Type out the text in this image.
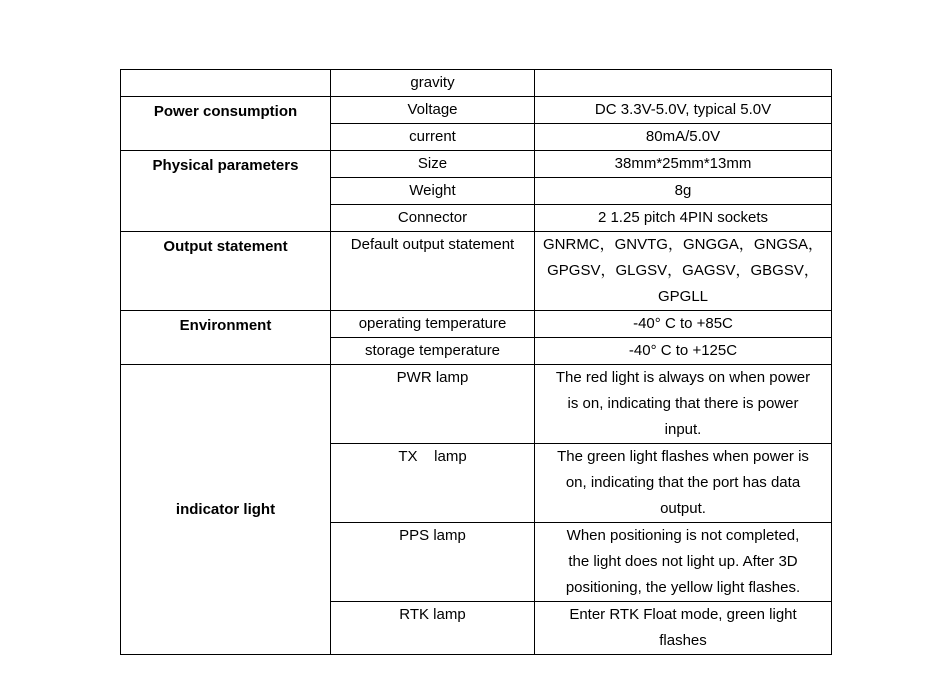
	gravity	
Power consumption	Voltage	DC 3.3V-5.0V, typical 5.0V
	current	80mA/5.0V
Physical parameters	Size	38mm*25mm*13mm
	Weight	8g
	Connector	2 1.25 pitch 4PIN sockets
Output statement	Default output statement	GNRMC，GNVTG，GNGGA，GNGSA，
GPGSV，GLGSV，GAGSV，GBGSV，GPGLL

Environment	operating temperature	-40° C to +85C
	storage temperature	-40° C to +125C
indicator light	PWR lamp	The red light is always on when power
is on, indicating that there is power
input.

	TX    lamp	The green light flashes when power is
on, indicating that the port has data
output.

	PPS lamp	When positioning is not completed,
the light does not light up. After 3D
positioning, the yellow light flashes.

	RTK lamp	Enter RTK Float mode, green light
flashes
